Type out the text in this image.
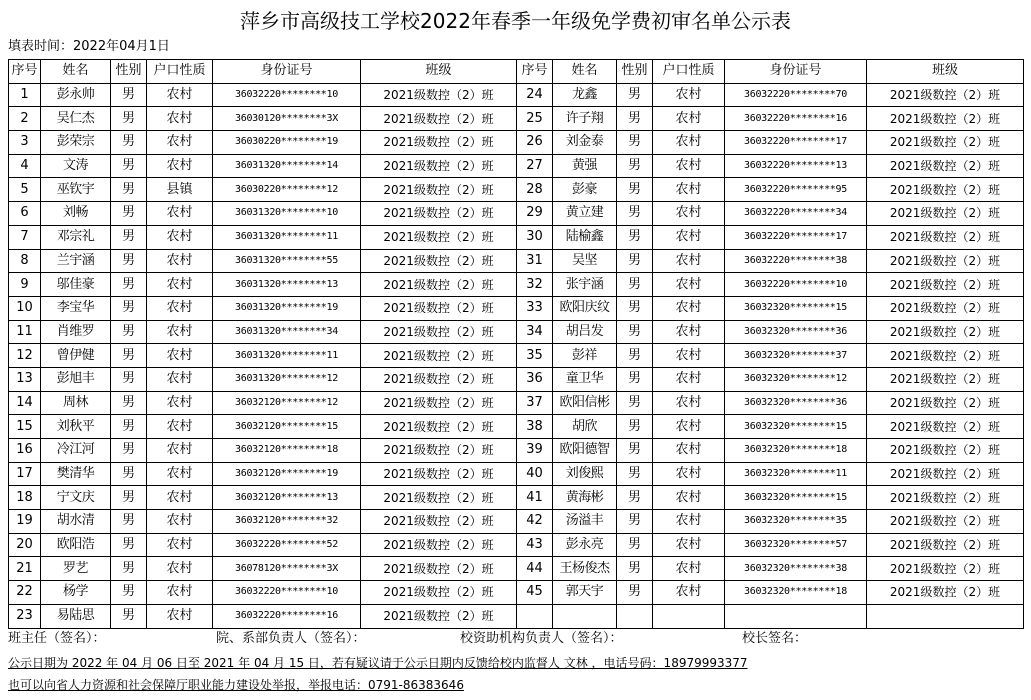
萍乡市高级技工学校2022年春季一年级免学费初审名单公示表
填表时间：2022年04月1日
序号	姓名	性别	户口性质	身份证号	班级	序号	姓名	性别	户口性质	身份证号	班级
1	彭永帅	男	农村	36032220********10	2021级数控（2）班	24	龙鑫	男	农村	36032220********70	2021级数控（2）班
2	吴仁杰	男	农村	36030120********3X	2021级数控（2）班	25	许子翔	男	农村	36032220********16	2021级数控（2）班
3	彭荣宗	男	农村	36030220********19	2021级数控（2）班	26	刘金泰	男	农村	36032220********17	2021级数控（2）班
4	文涛	男	农村	36031320********14	2021级数控（2）班	27	黄强	男	农村	36032220********13	2021级数控（2）班
5	巫钦宇	男	县镇	36030220********12	2021级数控（2）班	28	彭豪	男	农村	36032220********95	2021级数控（2）班
6	刘畅	男	农村	36031320********10	2021级数控（2）班	29	黄立建	男	农村	36032220********34	2021级数控（2）班
7	邓宗礼	男	农村	36031320********11	2021级数控（2）班	30	陆榆鑫	男	农村	36032220********17	2021级数控（2）班
8	兰宇涵	男	农村	36031320********55	2021级数控（2）班	31	吴坚	男	农村	36032220********38	2021级数控（2）班
9	邬佳豪	男	农村	36031320********13	2021级数控（2）班	32	张宇涵	男	农村	36032220********10	2021级数控（2）班
10	李宝华	男	农村	36031320********19	2021级数控（2）班	33	欧阳庆纹	男	农村	36032320********15	2021级数控（2）班
11	肖维罗	男	农村	36031320********34	2021级数控（2）班	34	胡吕发	男	农村	36032320********36	2021级数控（2）班
12	曾伊健	男	农村	36031320********11	2021级数控（2）班	35	彭祥	男	农村	36032320********37	2021级数控（2）班
13	彭旭丰	男	农村	36031320********12	2021级数控（2）班	36	童卫华	男	农村	36032320********12	2021级数控（2）班
14	周林	男	农村	36032120********12	2021级数控（2）班	37	欧阳信彬	男	农村	36032320********36	2021级数控（2）班
15	刘秋平	男	农村	36032120********15	2021级数控（2）班	38	胡欣	男	农村	36032320********15	2021级数控（2）班
16	冷江河	男	农村	36032120********18	2021级数控（2）班	39	欧阳德智	男	农村	36032320********18	2021级数控（2）班
17	樊清华	男	农村	36032120********19	2021级数控（2）班	40	刘俊熙	男	农村	36032320********11	2021级数控（2）班
18	宁文庆	男	农村	36032120********13	2021级数控（2）班	41	黄海彬	男	农村	36032320********15	2021级数控（2）班
19	胡水清	男	农村	36032120********32	2021级数控（2）班	42	汤溢丰	男	农村	36032320********35	2021级数控（2）班
20	欧阳浩	男	农村	36032220********52	2021级数控（2）班	43	彭永亮	男	农村	36032320********57	2021级数控（2）班
21	罗艺	男	农村	36078120********3X	2021级数控（2）班	44	王杨俊杰	男	农村	36032320********38	2021级数控（2）班
22	杨学	男	农村	36032220********10	2021级数控（2）班	45	郭天宇	男	农村	36032320********18	2021级数控（2）班
23	易陆思	男	农村	36032220********16	2021级数控（2）班						
班主任（签名）：	院、系部负责人（签名）：	校资助机构负责人（签名）：	校长签名：
公示日期为 2022 年 04 月 06 日至 2021 年 04 月 15 日，若有疑议请于公示日期内反馈给校内监督人 文林 ，电话号码：18979993377
也可以向省人力资源和社会保障厅职业能力建设处举报，举报电话：0791-86383646
